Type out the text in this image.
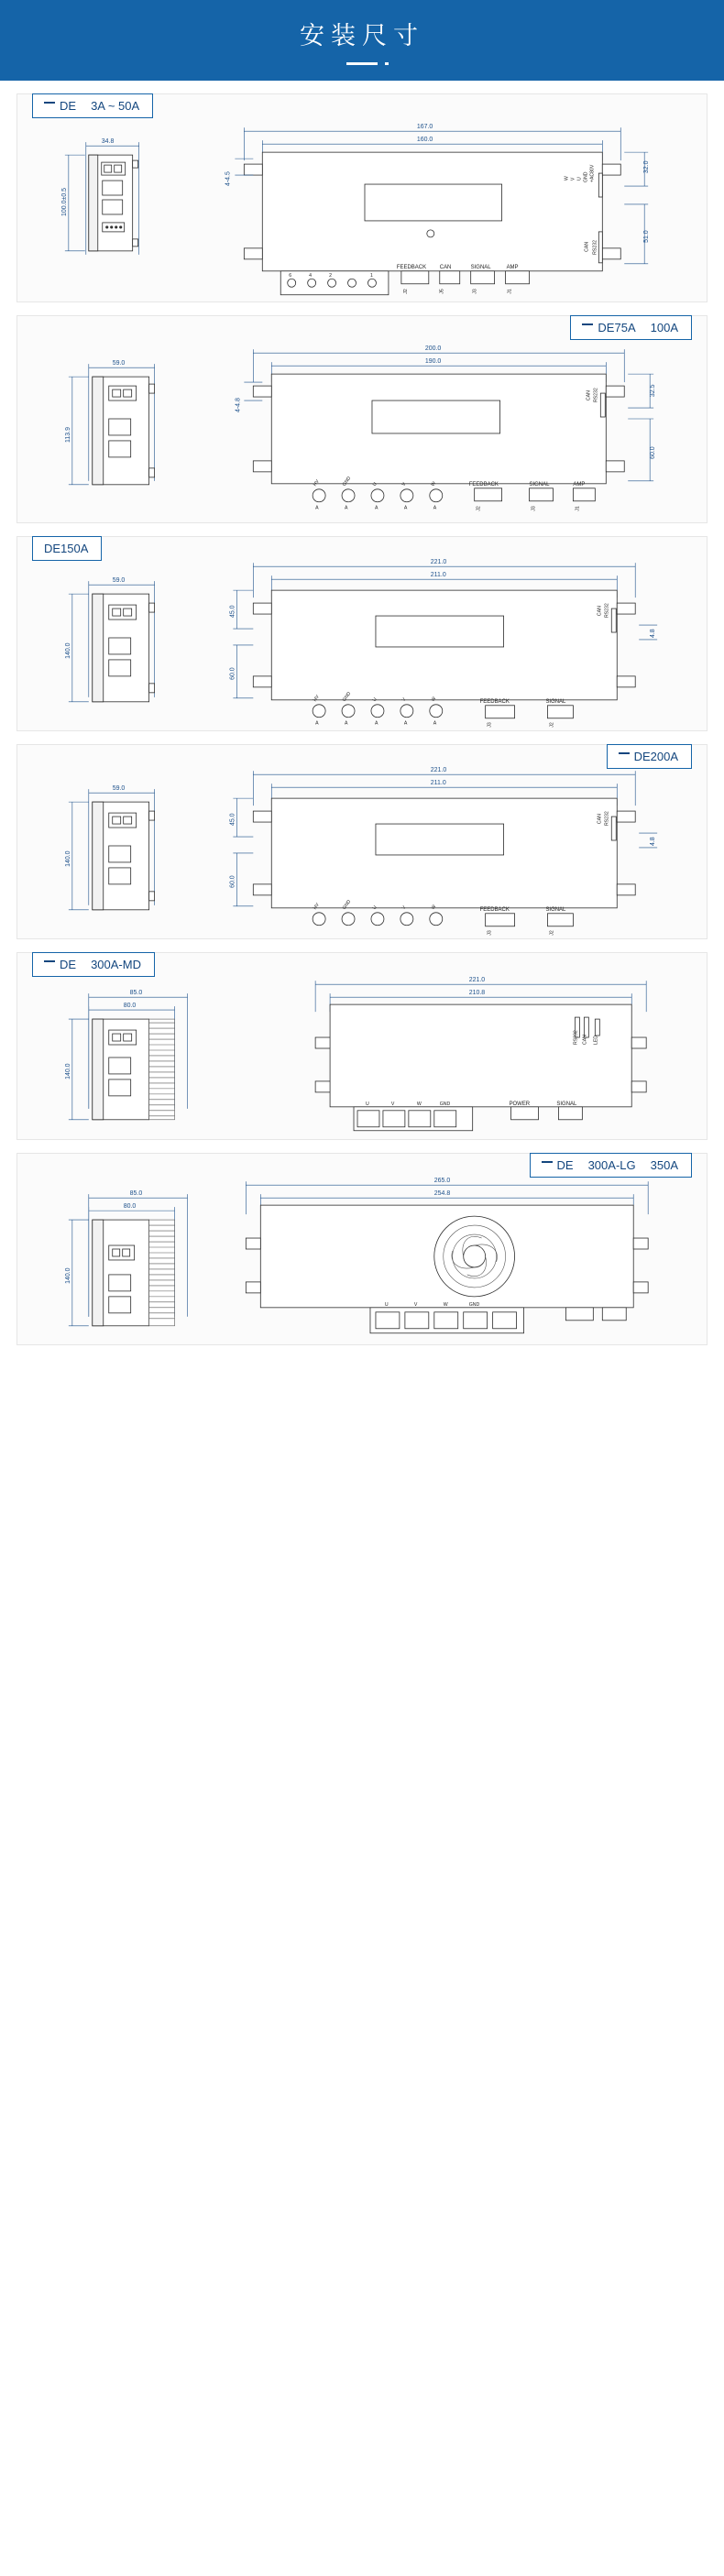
安装尺寸
DE 3A ~ 50A
34.8
100.0±0.5
167.0
160.0
4-4.5
32.0
51.0
+AC80V
GND
U
V
W
RS232
CAN
6	4	2	1
FEEDBACK CAN	SIGNAL	AMP
J2	J5	J3	J1
DE75A 100A
59.0
113.9
200.0
190.0
4-4.8
32.5
60.0
RS232
CAN
HV	GND	U	V	W
A	A	A	A	A
FEEDBACK	SIGNAL	AMP
J2	J3	J1
DE150A
59.0
140.0
221.0
211.0
45.0
60.0
4.8
RS232
CAN
HV	GND	U	V	W
A	A	A	A	A
FEEDBACK	SIGNAL
J3	J2
DE200A
59.0
140.0
221.0
211.0
45.0
60.0
4.8
RS232
CAN
HV	GND	U	V	W	FEEDBACK	SIGNAL
J3	J2
DE 300A-MD
85.0
80.0
140.0
221.0
210.8
RS232 CAN LED
U	V	W	GND	POWER	SIGNAL
DE 300A-LG 350A
85.0
80.0
140.0
265.0
254.8
U	V	W	GND
